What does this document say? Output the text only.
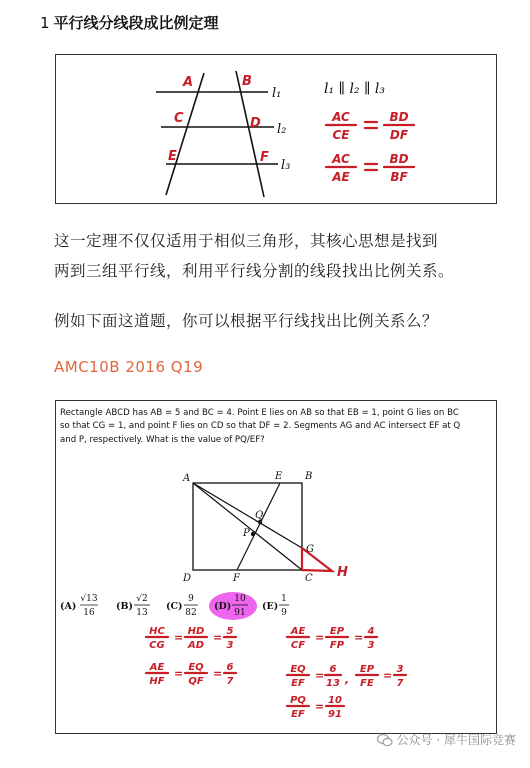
1 平行线分线段成比例定理
A	B
C	D
E	F
l₁
l₂
l₃
l₁ ∥ l₂ ∥ l₃
AC
CE
BD
DF
AC
AE
BD
BF
这一定理不仅仅适用于相似三角形，其核心思想是找到
两到三组平行线，利用平行线分割的线段找出比例关系。
例如下面这道题，你可以根据平行线找出比例关系么？
AMC10B 2016 Q19
Rectangle ABCD has AB = 5 and BC = 4. Point E lies on AB so that EB = 1, point G lies on BC
so that CG = 1, and point F lies on CD so that DF = 2. Segments AG and AC intersect EF at Q
and P, respectively. What is the value of PQ/EF?
H
A	E B
Q
P
G
D	F	C
(A)
√13
16
(B)
√2
13
(C)
9
82
(D)
10
91
(E)
1
9
HC
CG
= HD
AD
= 5
3
AE
HF
= EQ
QF
= 6
7
AE
CF
= EP
FP
= 4
3
EQ
EF
= 6
13 ,
EP
FE
= 3
7
PQ
EF
= 10
91
公众号 · 犀牛国际竞赛
